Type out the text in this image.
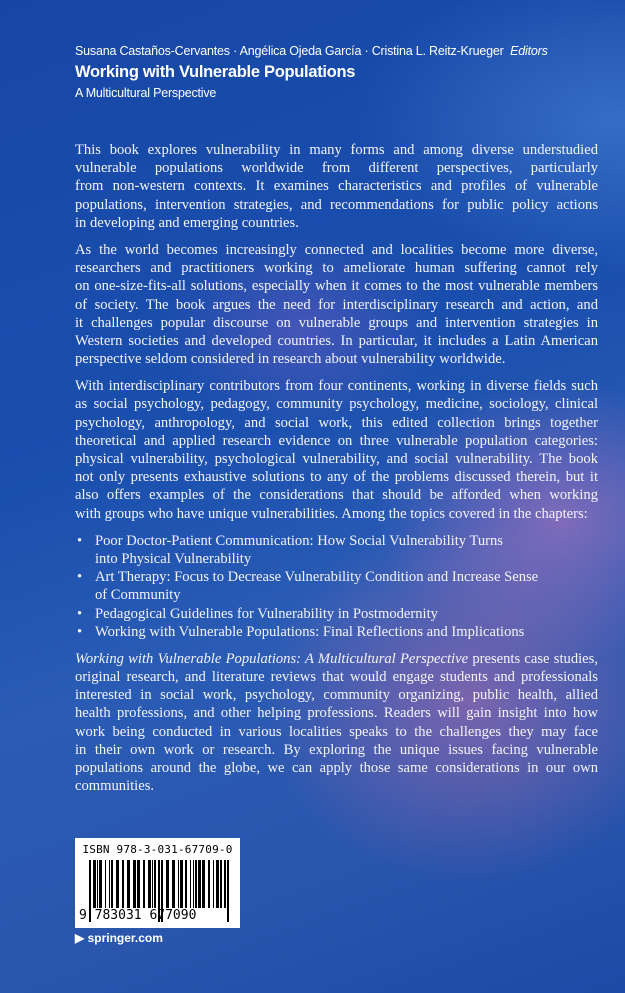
Susana Castaños-Cervantes · Angélica Ojeda García · Cristina L. Reitz-Krueger Editors
Working with Vulnerable Populations
A Multicultural Perspective
This book explores vulnerability in many forms and among diverse understudied
vulnerable populations worldwide from different perspectives, particularly
from non-western contexts. It examines characteristics and profiles of vulnerable
populations, intervention strategies, and recommendations for public policy actions
in developing and emerging countries.
As the world becomes increasingly connected and localities become more diverse,
researchers and practitioners working to ameliorate human suffering cannot rely
on one-size-fits-all solutions, especially when it comes to the most vulnerable members
of society. The book argues the need for interdisciplinary research and action, and
it challenges popular discourse on vulnerable groups and intervention strategies in
Western societies and developed countries. In particular, it includes a Latin American
perspective seldom considered in research about vulnerability worldwide.
With interdisciplinary contributors from four continents, working in diverse fields such
as social psychology, pedagogy, community psychology, medicine, sociology, clinical
psychology, anthropology, and social work, this edited collection brings together
theoretical and applied research evidence on three vulnerable population categories:
physical vulnerability, psychological vulnerability, and social vulnerability. The book
not only presents exhaustive solutions to any of the problems discussed therein, but it
also offers examples of the considerations that should be afforded when working
with groups who have unique vulnerabilities. Among the topics covered in the chapters:
• Poor Doctor-Patient Communication: How Social Vulnerability Turns
into Physical Vulnerability
• Art Therapy: Focus to Decrease Vulnerability Condition and Increase Sense
of Community
• Pedagogical Guidelines for Vulnerability in Postmodernity
• Working with Vulnerable Populations: Final Reflections and Implications
Working with Vulnerable Populations: A Multicultural Perspective presents case studies,
original research, and literature reviews that would engage students and professionals
interested in social work, psychology, community organizing, public health, allied
health professions, and other helping professions. Readers will gain insight into how
work being conducted in various localities speaks to the challenges they may face
in their own work or research. By exploring the unique issues facing vulnerable
populations around the globe, we can apply those same considerations in our own
communities.
ISBN 978-3-031-67709-0
9 783031 677090
▶ springer.com
